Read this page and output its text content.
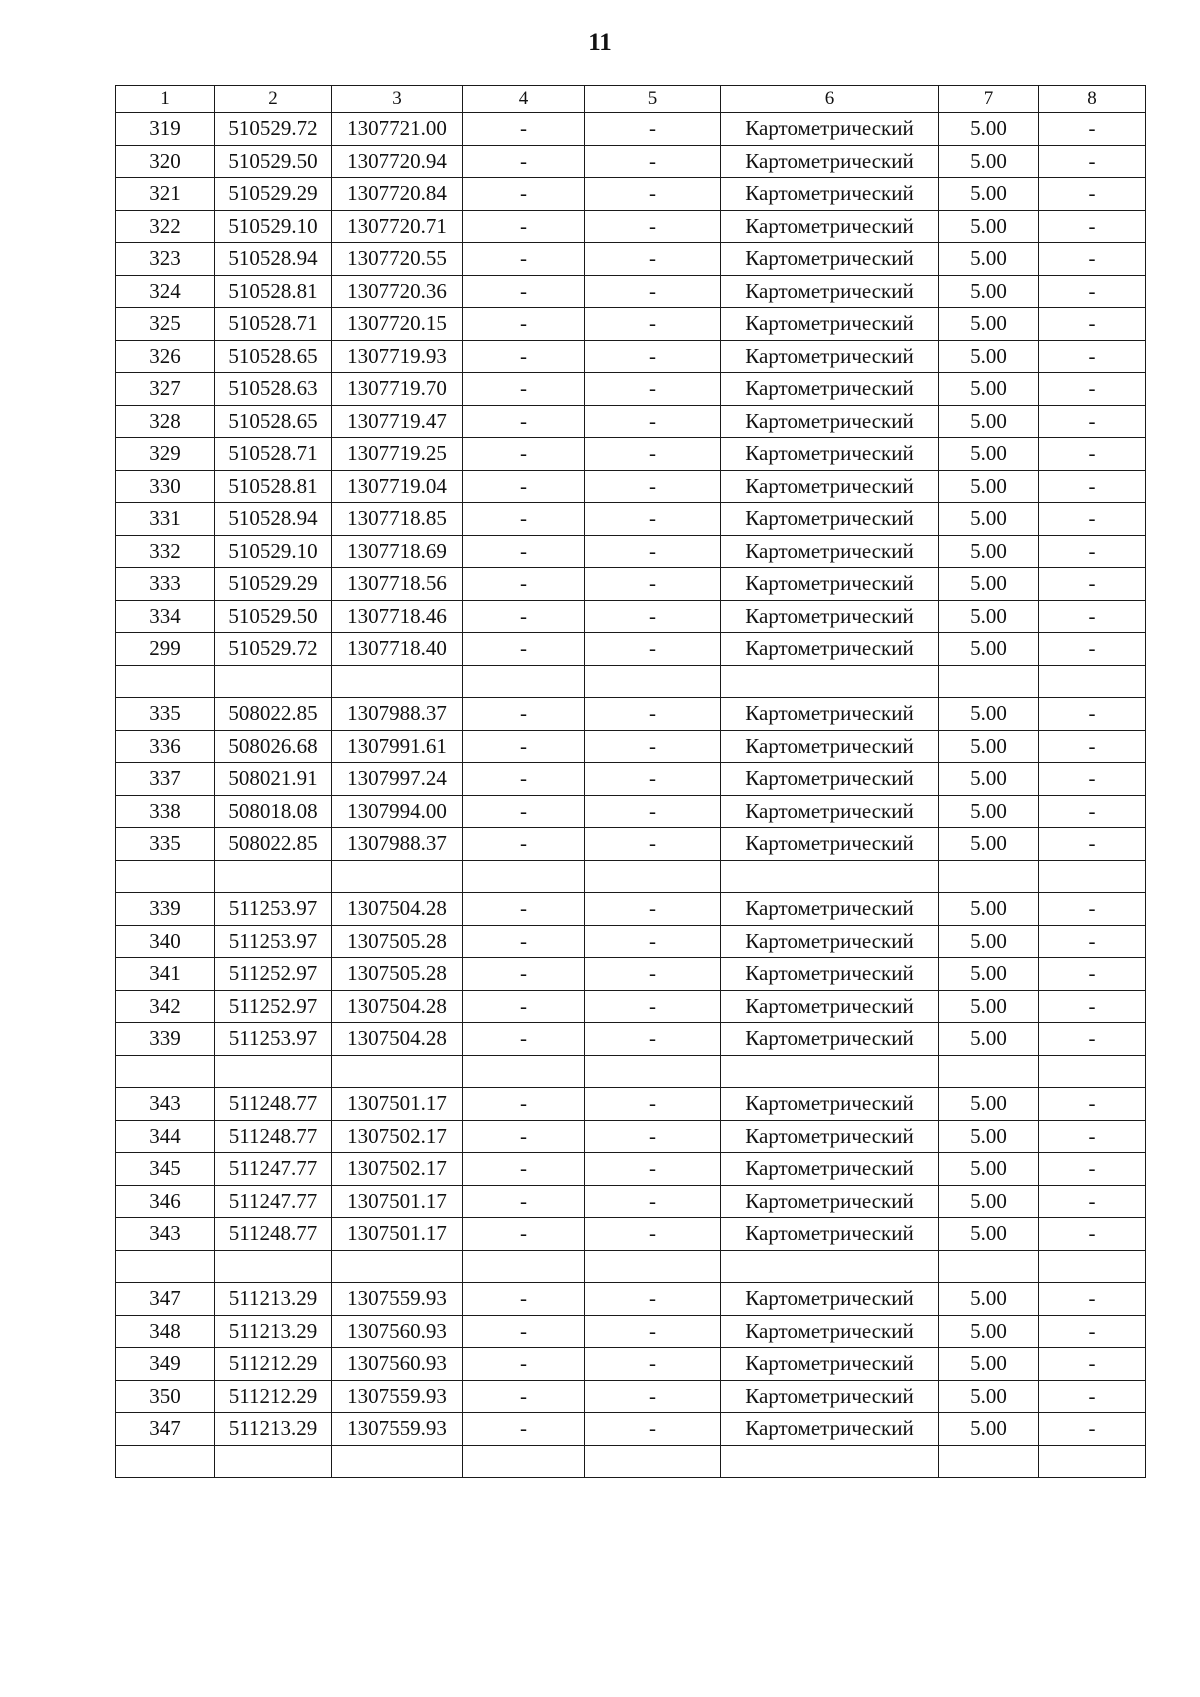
11
1	2	3	4	5	6	7	8
319	510529.72	1307721.00	-	-	Картометрический	5.00	-
320	510529.50	1307720.94	-	-	Картометрический	5.00	-
321	510529.29	1307720.84	-	-	Картометрический	5.00	-
322	510529.10	1307720.71	-	-	Картометрический	5.00	-
323	510528.94	1307720.55	-	-	Картометрический	5.00	-
324	510528.81	1307720.36	-	-	Картометрический	5.00	-
325	510528.71	1307720.15	-	-	Картометрический	5.00	-
326	510528.65	1307719.93	-	-	Картометрический	5.00	-
327	510528.63	1307719.70	-	-	Картометрический	5.00	-
328	510528.65	1307719.47	-	-	Картометрический	5.00	-
329	510528.71	1307719.25	-	-	Картометрический	5.00	-
330	510528.81	1307719.04	-	-	Картометрический	5.00	-
331	510528.94	1307718.85	-	-	Картометрический	5.00	-
332	510529.10	1307718.69	-	-	Картометрический	5.00	-
333	510529.29	1307718.56	-	-	Картометрический	5.00	-
334	510529.50	1307718.46	-	-	Картометрический	5.00	-
299	510529.72	1307718.40	-	-	Картометрический	5.00	-

335	508022.85	1307988.37	-	-	Картометрический	5.00	-
336	508026.68	1307991.61	-	-	Картометрический	5.00	-
337	508021.91	1307997.24	-	-	Картометрический	5.00	-
338	508018.08	1307994.00	-	-	Картометрический	5.00	-
335	508022.85	1307988.37	-	-	Картометрический	5.00	-

339	511253.97	1307504.28	-	-	Картометрический	5.00	-
340	511253.97	1307505.28	-	-	Картометрический	5.00	-
341	511252.97	1307505.28	-	-	Картометрический	5.00	-
342	511252.97	1307504.28	-	-	Картометрический	5.00	-
339	511253.97	1307504.28	-	-	Картометрический	5.00	-

343	511248.77	1307501.17	-	-	Картометрический	5.00	-
344	511248.77	1307502.17	-	-	Картометрический	5.00	-
345	511247.77	1307502.17	-	-	Картометрический	5.00	-
346	511247.77	1307501.17	-	-	Картометрический	5.00	-
343	511248.77	1307501.17	-	-	Картометрический	5.00	-

347	511213.29	1307559.93	-	-	Картометрический	5.00	-
348	511213.29	1307560.93	-	-	Картометрический	5.00	-
349	511212.29	1307560.93	-	-	Картометрический	5.00	-
350	511212.29	1307559.93	-	-	Картометрический	5.00	-
347	511213.29	1307559.93	-	-	Картометрический	5.00	-
